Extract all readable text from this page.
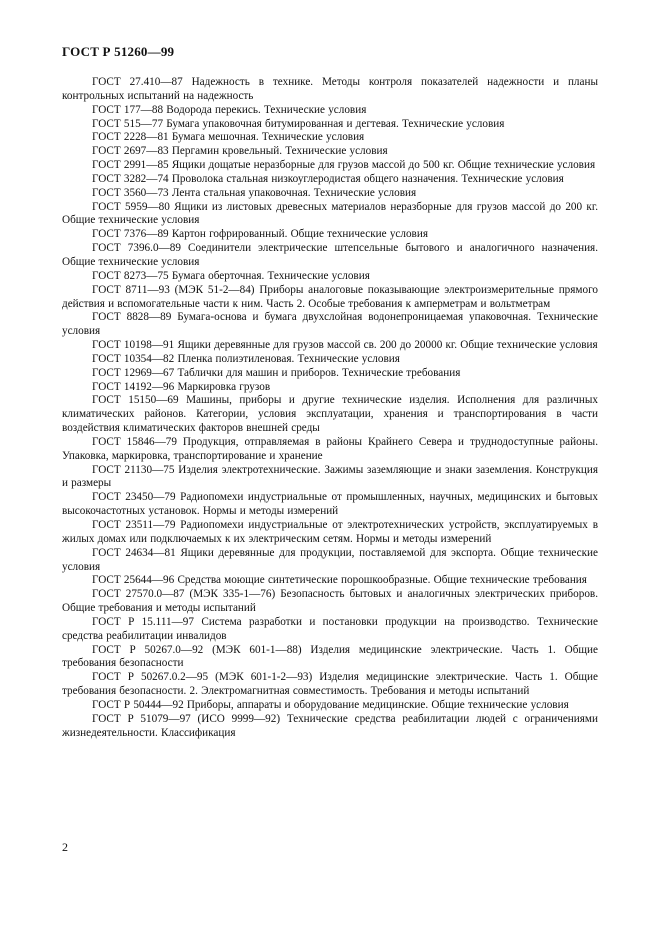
ГОСТ Р 51260—99
ГОСТ 27.410—87 Надежность в технике. Методы контроля показателей надежности и планы контрольных испытаний на надежность
ГОСТ 177—88 Водорода перекись. Технические условия
ГОСТ 515—77 Бумага упаковочная битумированная и дегтевая. Технические условия
ГОСТ 2228—81 Бумага мешочная. Технические условия
ГОСТ 2697—83 Пергамин кровельный. Технические условия
ГОСТ 2991—85 Ящики дощатые неразборные для грузов массой до 500 кг. Общие технические условия
ГОСТ 3282—74 Проволока стальная низкоуглеродистая общего назначения. Технические условия
ГОСТ 3560—73 Лента стальная упаковочная. Технические условия
ГОСТ 5959—80 Ящики из листовых древесных материалов неразборные для грузов массой до 200 кг. Общие технические условия
ГОСТ 7376—89 Картон гофрированный. Общие технические условия
ГОСТ 7396.0—89 Соединители электрические штепсельные бытового и аналогичного назначения. Общие технические условия
ГОСТ 8273—75 Бумага оберточная. Технические условия
ГОСТ 8711—93 (МЭК 51-2—84) Приборы аналоговые показывающие электроизмерительные прямого действия и вспомогательные части к ним. Часть 2. Особые требования к амперметрам и вольтметрам
ГОСТ 8828—89 Бумага-основа и бумага двухслойная водонепроницаемая упаковочная. Технические условия
ГОСТ 10198—91 Ящики деревянные для грузов массой св. 200 до 20000 кг. Общие технические условия
ГОСТ 10354—82 Пленка полиэтиленовая. Технические условия
ГОСТ 12969—67 Таблички для машин и приборов. Технические требования
ГОСТ 14192—96 Маркировка грузов
ГОСТ 15150—69 Машины, приборы и другие технические изделия. Исполнения для различных климатических районов. Категории, условия эксплуатации, хранения и транспортирования в части воздействия климатических факторов внешней среды
ГОСТ 15846—79 Продукция, отправляемая в районы Крайнего Севера и труднодоступные районы. Упаковка, маркировка, транспортирование и хранение
ГОСТ 21130—75 Изделия электротехнические. Зажимы заземляющие и знаки заземления. Конструкция и размеры
ГОСТ 23450—79 Радиопомехи индустриальные от промышленных, научных, медицинских и бытовых высокочастотных установок. Нормы и методы измерений
ГОСТ 23511—79 Радиопомехи индустриальные от электротехнических устройств, эксплуатируемых в жилых домах или подключаемых к их электрическим сетям. Нормы и методы измерений
ГОСТ 24634—81 Ящики деревянные для продукции, поставляемой для экспорта. Общие технические условия
ГОСТ 25644—96 Средства моющие синтетические порошкообразные. Общие технические требования
ГОСТ 27570.0—87 (МЭК 335-1—76) Безопасность бытовых и аналогичных электрических приборов. Общие требования и методы испытаний
ГОСТ Р 15.111—97 Система разработки и постановки продукции на производство. Технические средства реабилитации инвалидов
ГОСТ Р 50267.0—92 (МЭК 601-1—88) Изделия медицинские электрические. Часть 1. Общие требования безопасности
ГОСТ Р 50267.0.2—95 (МЭК 601-1-2—93) Изделия медицинские электрические. Часть 1. Общие требования безопасности. 2. Электромагнитная совместимость. Требования и методы испытаний
ГОСТ Р 50444—92 Приборы, аппараты и оборудование медицинские. Общие технические условия
ГОСТ Р 51079—97 (ИСО 9999—92) Технические средства реабилитации людей с ограничениями жизнедеятельности. Классификация
2
